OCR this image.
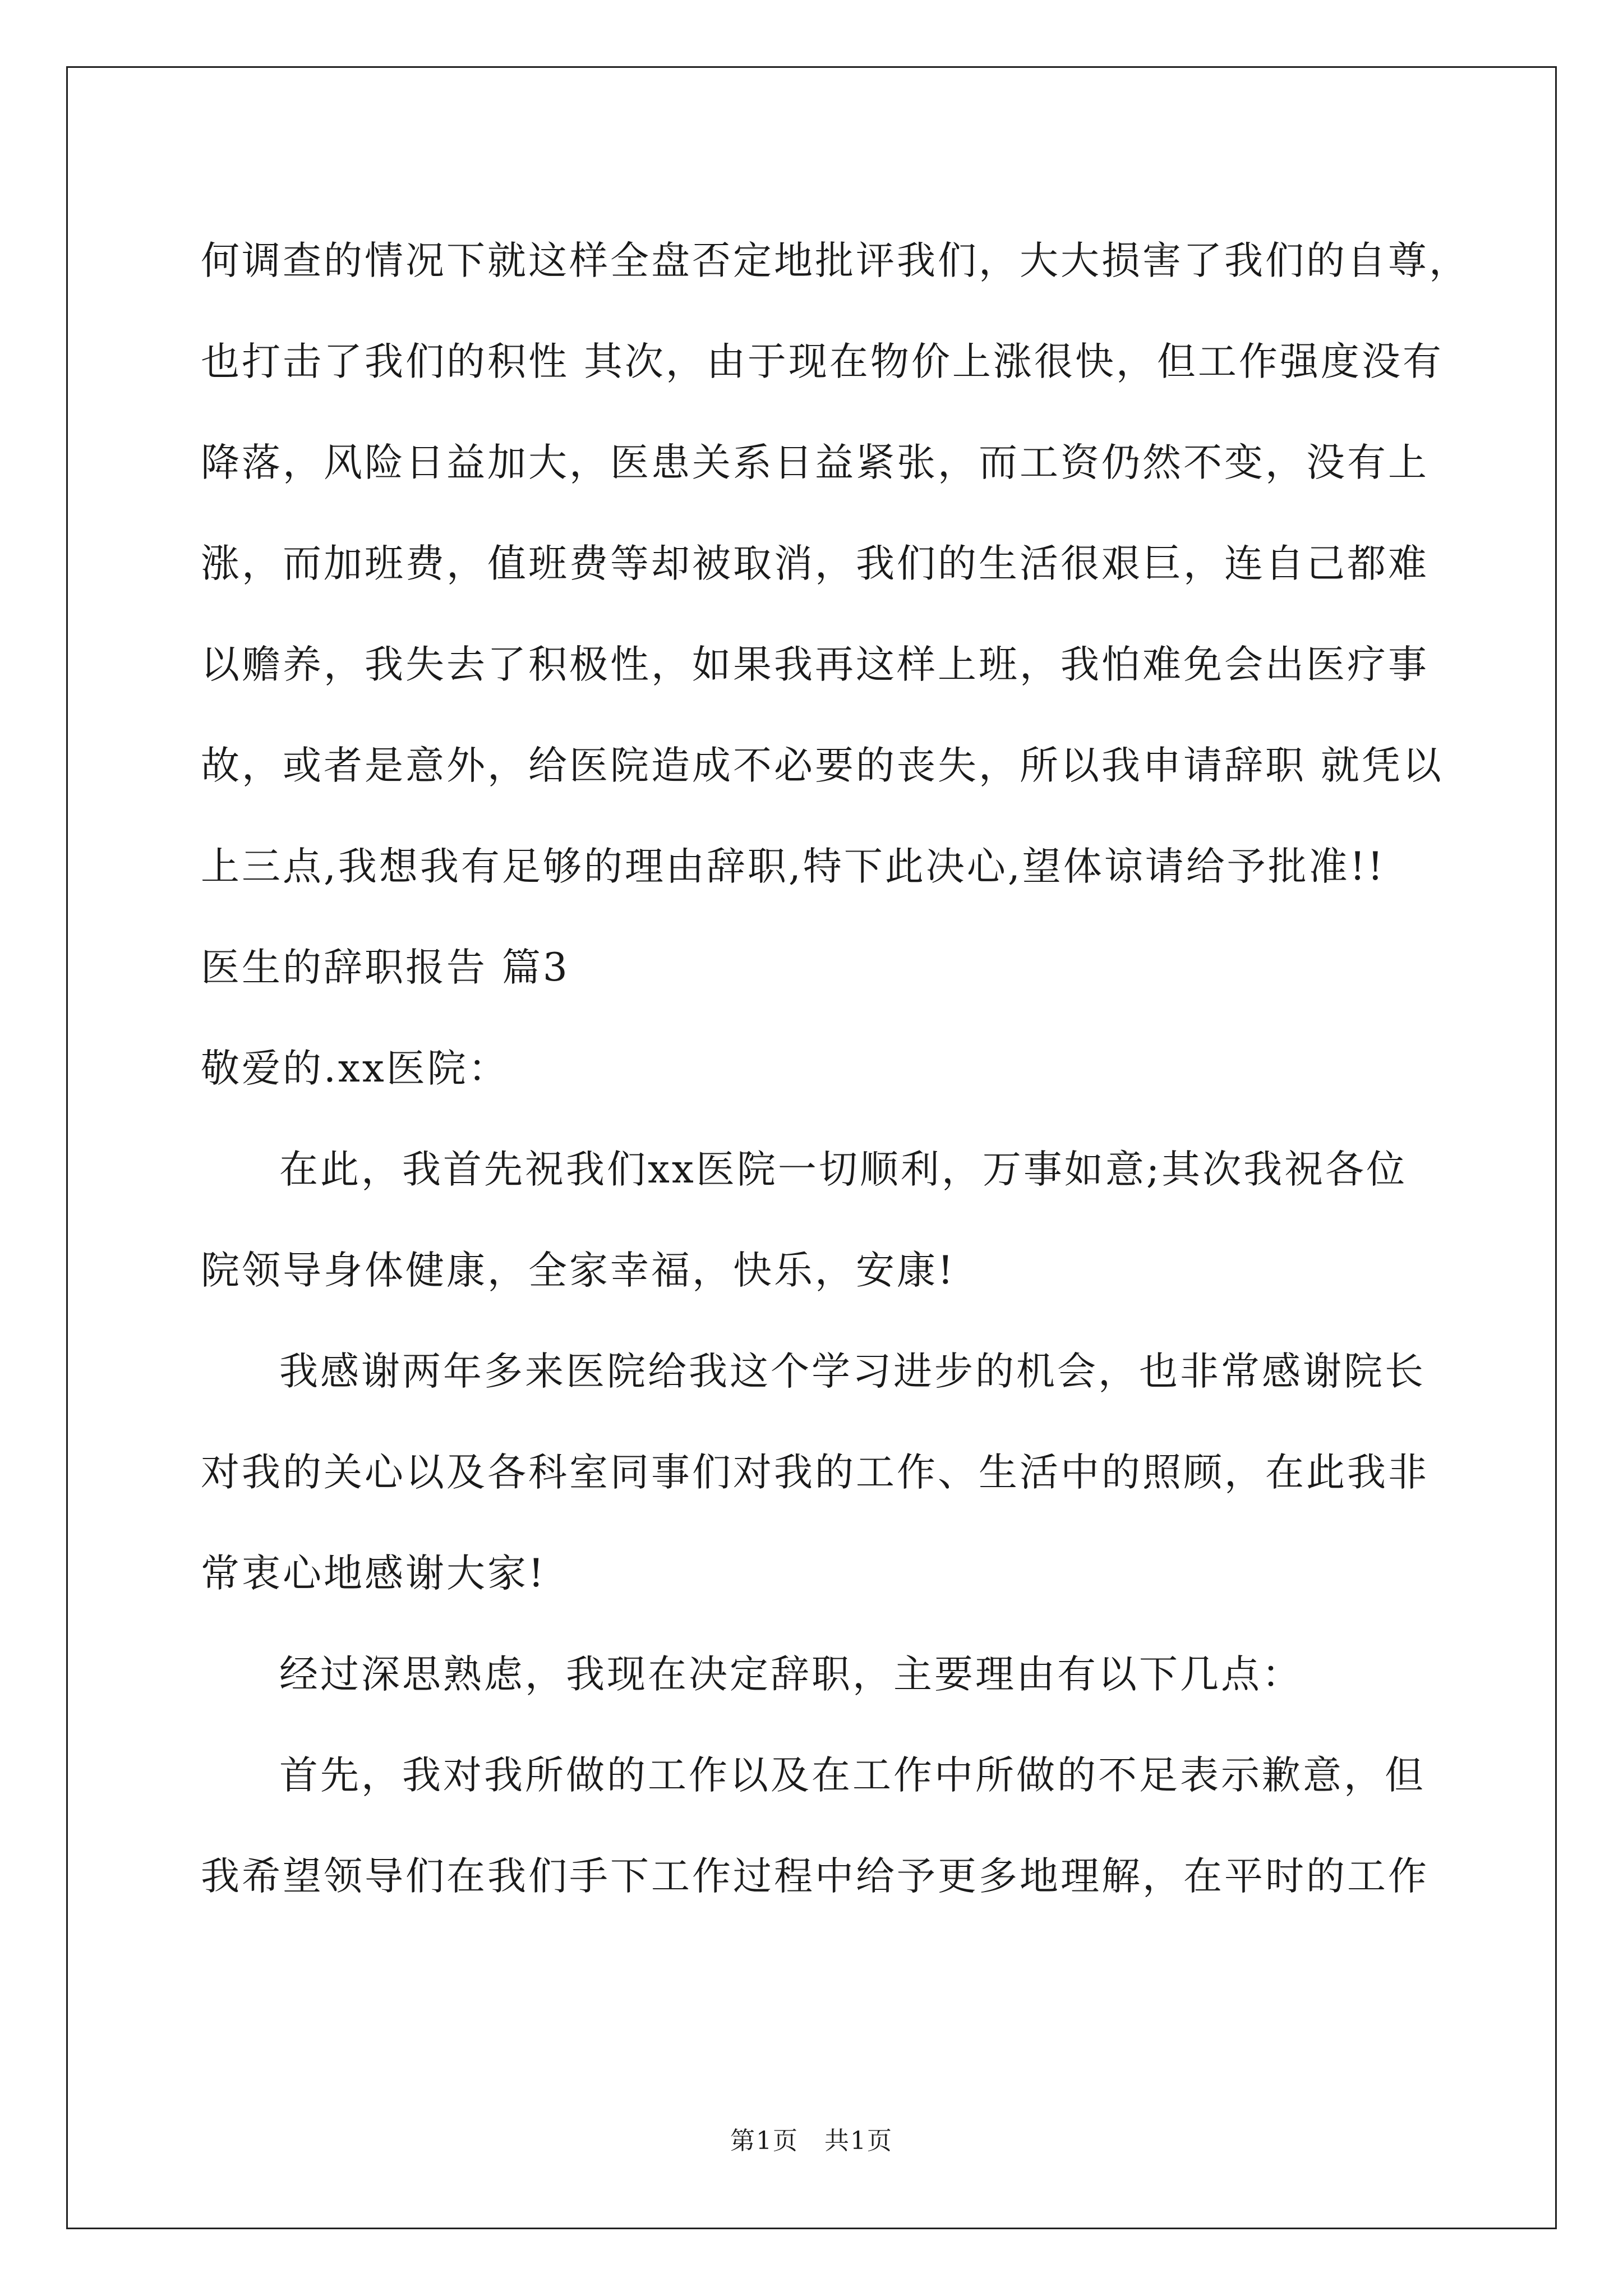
何调查的情况下就这样全盘否定地批评我们，大大损害了我们的自尊，
也打击了我们的积性 其次，由于现在物价上涨很快，但工作强度没有
降落，风险日益加大，医患关系日益紧张，而工资仍然不变，没有上
涨，而加班费，值班费等却被取消，我们的生活很艰巨，连自己都难
以赡养，我失去了积极性，如果我再这样上班，我怕难免会出医疗事
故，或者是意外，给医院造成不必要的丧失，所以我申请辞职 就凭以
上三点,我想我有足够的理由辞职,特下此决心,望体谅请给予批准!!
医生的辞职报告 篇3
敬爱的.xx医院：
在此，我首先祝我们xx医院一切顺利，万事如意;其次我祝各位
院领导身体健康，全家幸福，快乐，安康!
我感谢两年多来医院给我这个学习进步的机会，也非常感谢院长
对我的关心以及各科室同事们对我的工作、生活中的照顾，在此我非
常衷心地感谢大家!
经过深思熟虑，我现在决定辞职，主要理由有以下几点：
首先，我对我所做的工作以及在工作中所做的不足表示歉意，但
我希望领导们在我们手下工作过程中给予更多地理解，在平时的工作
第1页　共1页
